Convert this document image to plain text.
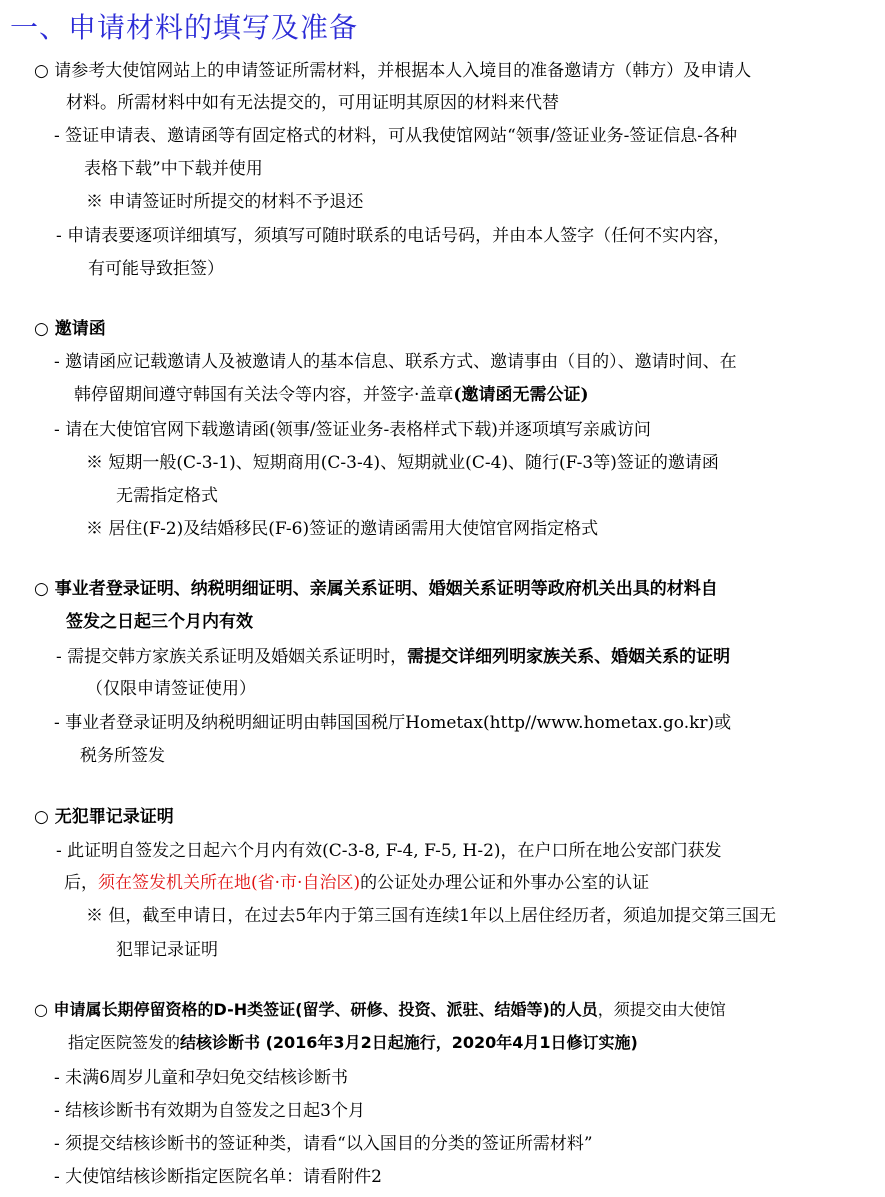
一、申请材料的填写及准备
○ 请参考大使馆网站上的申请签证所需材料，并根据本人入境目的准备邀请方（韩方）及申请人
材料。所需材料中如有无法提交的，可用证明其原因的材料来代替
- 签证申请表、邀请函等有固定格式的材料，可从我使馆网站“领事/签证业务-签证信息-各种
表格下载”中下载并使用
※ 申请签证时所提交的材料不予退还
- 申请表要逐项详细填写，须填写可随时联系的电话号码，并由本人签字（任何不实内容，
有可能导致拒签）
○ 邀请函
- 邀请函应记载邀请人及被邀请人的基本信息、联系方式、邀请事由（目的）、邀请时间、在
韩停留期间遵守韩国有关法令等内容，并签字·盖章(邀请函无需公证)
- 请在大使馆官网下载邀请函(领事/签证业务-表格样式下载)并逐项填写亲戚访问
※ 短期一般(C-3-1)、短期商用(C-3-4)、短期就业(C-4)、随行(F-3等)签证的邀请函
无需指定格式
※ 居住(F-2)及结婚移民(F-6)签证的邀请函需用大使馆官网指定格式
○ 事业者登录证明、纳税明细证明、亲属关系证明、婚姻关系证明等政府机关出具的材料自
签发之日起三个月内有效
- 需提交韩方家族关系证明及婚姻关系证明时，需提交详细列明家族关系、婚姻关系的证明
（仅限申请签证使用）
- 事业者登录证明及纳税明細证明由韩国国税厅Hometax(http//www.hometax.go.kr)或
税务所签发
○ 无犯罪记录证明
- 此证明自签发之日起六个月内有效(C-3-8, F-4, F-5, H-2)，在户口所在地公安部门获发
后，须在签发机关所在地(省·市·自治区)的公证处办理公证和外事办公室的认证
※ 但，截至申请日，在过去5年内于第三国有连续1年以上居住经历者，须追加提交第三国无
犯罪记录证明
○ 申请属长期停留资格的D-H类签证(留学、研修、投资、派驻、结婚等)的人员，须提交由大使馆
指定医院签发的结核诊断书 (2016年3月2日起施行，2020年4月1日修订实施)
- 未满6周岁儿童和孕妇免交结核诊断书
- 结核诊断书有效期为自签发之日起3个月
- 须提交结核诊断书的签证种类，请看“以入国目的分类的签证所需材料”
- 大使馆结核诊断指定医院名单：请看附件2
